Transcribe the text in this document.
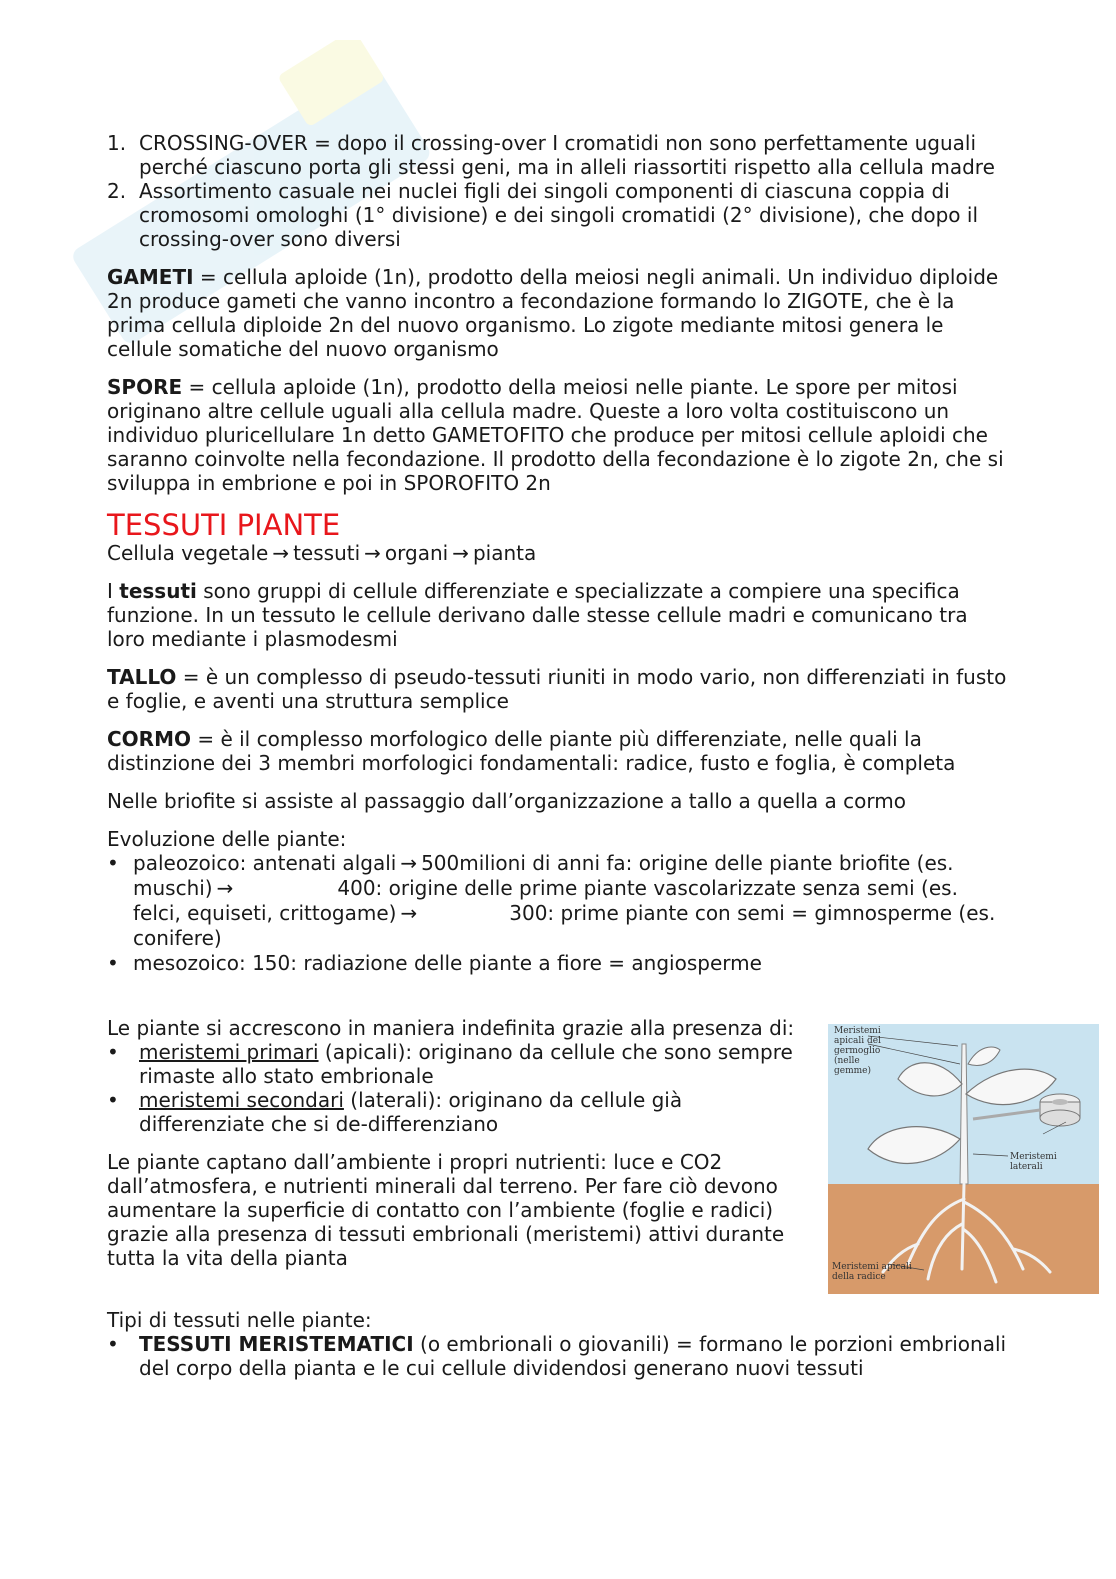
1. CROSSING-OVER = dopo il crossing-over I cromatidi non sono perfettamente uguali perché ciascuno porta gli stessi geni, ma in alleli riassortiti rispetto alla cellula madre
2. Assortimento casuale nei nuclei figli dei singoli componenti di ciascuna coppia di cromosomi omologhi (1° divisione) e dei singoli cromatidi (2° divisione), che dopo il crossing-over sono diversi

GAMETI = cellula aploide (1n), prodotto della meiosi negli animali. Un individuo diploide 2n produce gameti che vanno incontro a fecondazione formando lo ZIGOTE, che è la prima cellula diploide 2n del nuovo organismo. Lo zigote mediante mitosi genera le cellule somatiche del nuovo organismo

SPORE = cellula aploide (1n), prodotto della meiosi nelle piante. Le spore per mitosi originano altre cellule uguali alla cellula madre. Queste a loro volta costituiscono un individuo pluricellulare 1n detto GAMETOFITO che produce per mitosi cellule aploidi che saranno coinvolte nella fecondazione. Il prodotto della fecondazione è lo zigote 2n, che si sviluppa in embrione e poi in SPOROFITO 2n

TESSUTI PIANTE
Cellula vegetale → tessuti → organi → pianta

I tessuti sono gruppi di cellule differenziate e specializzate a compiere una specifica funzione. In un tessuto le cellule derivano dalle stesse cellule madri e comunicano tra loro mediante i plasmodesmi

TALLO = è un complesso di pseudo-tessuti riuniti in modo vario, non differenziati in fusto e foglie, e aventi una struttura semplice

CORMO = è il complesso morfologico delle piante più differenziate, nelle quali la distinzione dei 3 membri morfologici fondamentali: radice, fusto e foglia, è completa

Nelle briofite si assiste al passaggio dall’organizzazione a tallo a quella a cormo

Evoluzione delle piante:
• paleozoico: antenati algali → 500milioni di anni fa: origine delle piante briofite (es. muschi) →	400: origine delle prime piante vascolarizzate senza semi (es. felci, equiseti, crittogame) →	300: prime piante con semi = gimnosperme (es. conifere)
• mesozoico: 150: radiazione delle piante a fiore = angiosperme
Le piante si accrescono in maniera indefinita grazie alla presenza di:
• meristemi primari (apicali): originano da cellule che sono sempre rimaste allo stato embrionale
• meristemi secondari (laterali): originano da cellule già differenziate che si de-differenziano

Le piante captano dall’ambiente i propri nutrienti: luce e CO2 dall’atmosfera, e nutrienti minerali dal terreno. Per fare ciò devono aumentare la superficie di contatto con l’ambiente (foglie e radici) grazie alla presenza di tessuti embrionali (meristemi) attivi durante tutta la vita della pianta

Tipi di tessuti nelle piante:
• TESSUTI MERISTEMATICI (o embrionali o giovanili) = formano le porzioni embrionali del corpo della pianta e le cui cellule dividendosi generano nuovi tessuti
Meristemi apicali del germoglio (nelle gemme)
Meristemi laterali
Meristemi apicali della radice
